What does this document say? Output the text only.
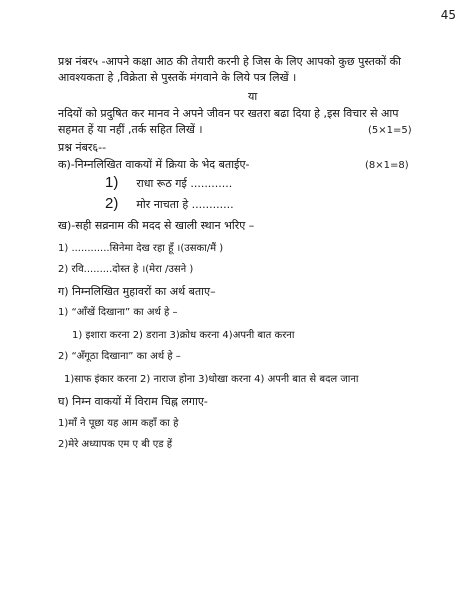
45
प्रश्न नंबर५ -आपने कक्षा आठ की तेयारी करनी हे जिस के लिए आपको कुछ पुस्तकों की
आवश्यकता हे ,विक्रेता से पुस्तकें मंगवाने के लिये पत्र लिखें ।
या
नदियों को प्रदुषित कर मानव ने अपने जीवन पर खतरा बढा दिया हे ,इस विचार से आप
सहमत हें या नहीं ,तर्क सहित लिखें ।	(5×1=5)
प्रश्न नंबर६--
क)-निम्नलिखित वाकयों में क्रिया के भेद बताईए-	(8×1=8)
1) राधा रूठ गई ............
2) मोर नाचता हे ............
ख)-सही सव्रनाम की मदद से खाली स्थान भरिए –
1) ............सिनेमा देख रहा हूँ ।(उसका/मैं )
2) रवि.........दोस्त हे ।(मेरा /उसने )
ग) निम्नलिखित मुहावरों का अर्थ बताए–
1) “आँखें दिखाना” का अर्थ हे –
1) इशारा करना 2) डराना 3)क्रोध करना 4)अपनी बात करना
2) “अँगूठा दिखाना” का अर्थ हे –
1)साफ इंकार करना 2) नाराज होना 3)धोखा करना 4) अपनी बात से बदल जाना
घ) निम्न वाकयों में विराम चिह्न लगाए-
1)माँ ने पूछा यह आम कहाँ का हे
2)मेरे अध्यापक एम ए बी एड हें
